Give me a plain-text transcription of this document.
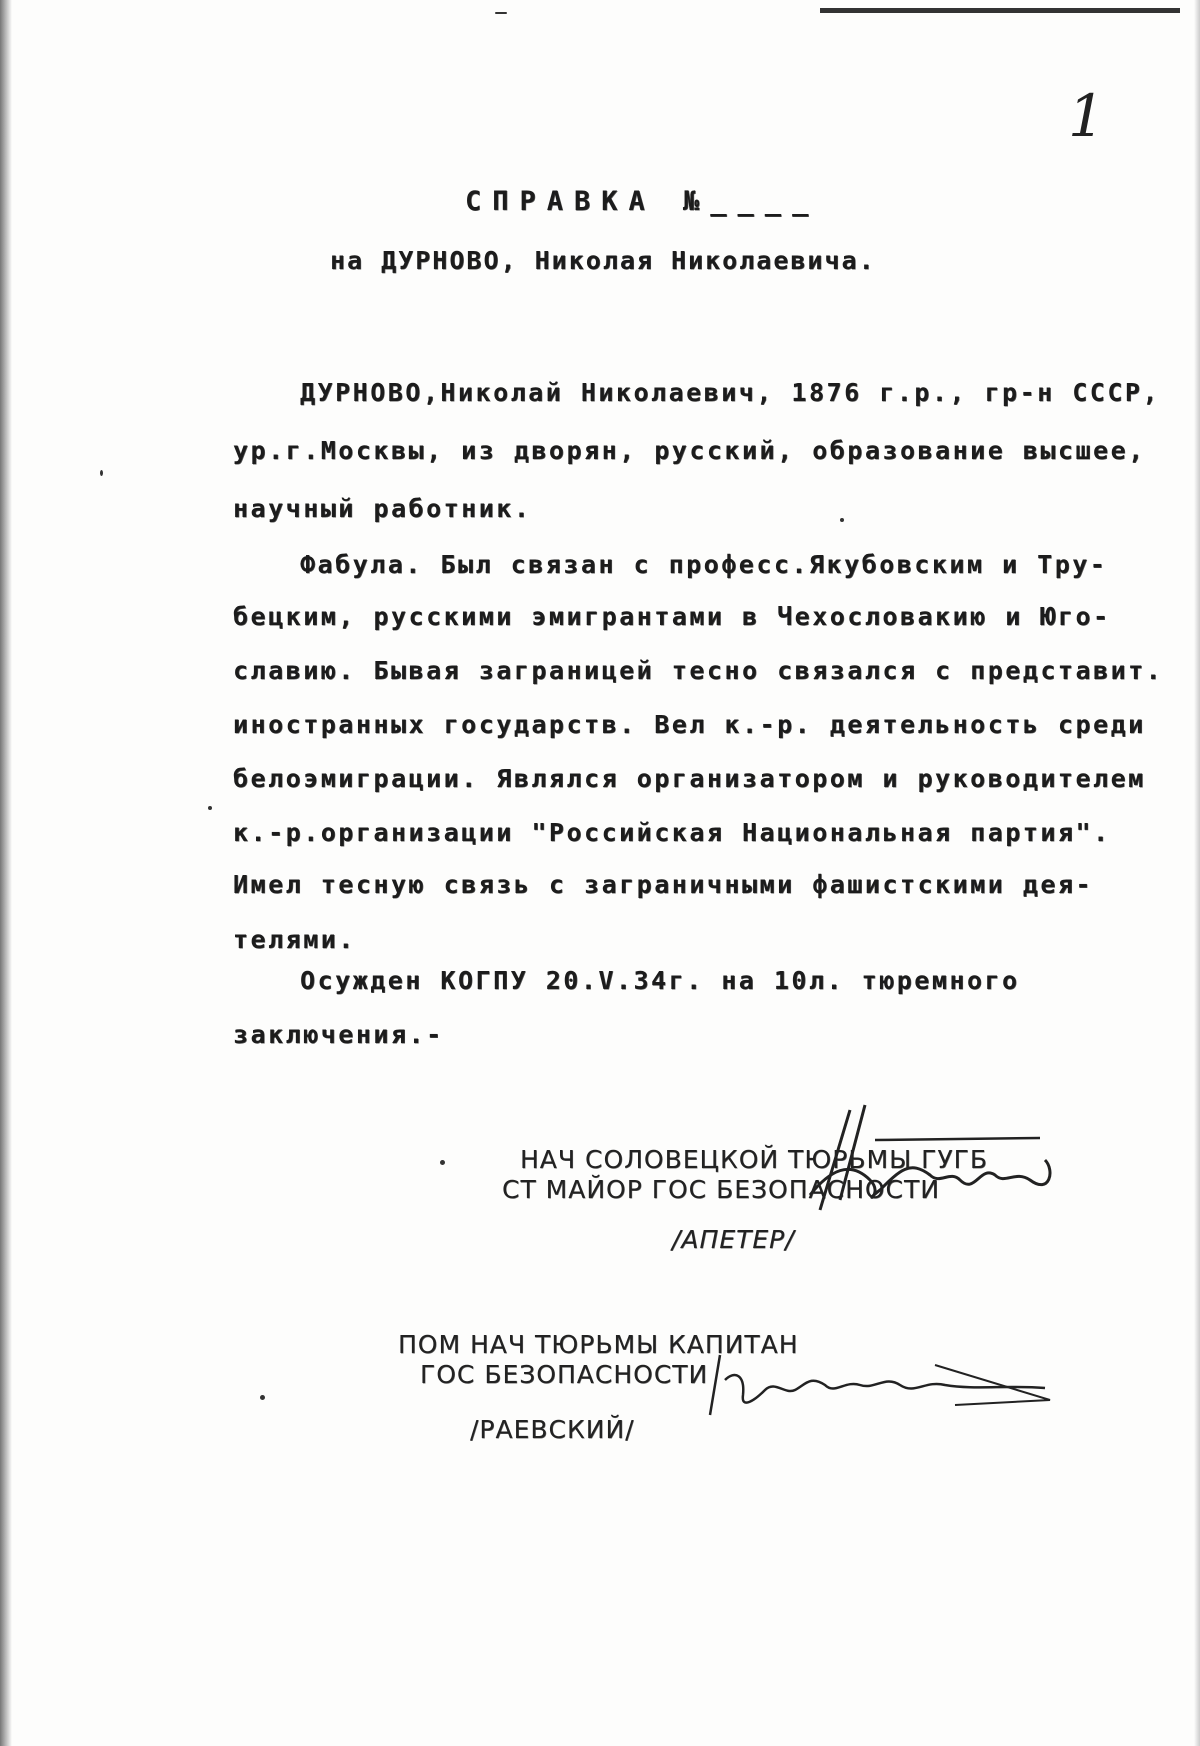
1
СПРАВКА №____
на ДУРНОВО, Николая Николаевича.
ДУРНОВО,Николай Николаевич, 1876 г.р., гр-н СССР,
ур.г.Москвы, из дворян, русский, образование высшее,
научный работник.
Фабула. Был связан с професс.Якубовским и Тру-
бецким, русскими эмигрантами в Чехословакию и Юго-
славию. Бывая заграницей тесно связался с представит.
иностранных государств. Вел к.-р. деятельность среди
белоэмиграции. Являлся организатором и руководителем
к.-р.организации "Российская Национальная партия".
Имел тесную связь с заграничными фашистскими дея-
телями.
Осужден КОГПУ 20.V.34г. на 10л. тюремного
заключения.-
НАЧ СОЛОВЕЦКОЙ ТЮРЬМЫ ГУГБ
СТ МАЙОР ГОС БЕЗОПАСНОСТИ
/АПЕТЕР/
ПОМ НАЧ ТЮРЬМЫ КАПИТАН
ГОС БЕЗОПАСНОСТИ
/РАЕВСКИЙ/
